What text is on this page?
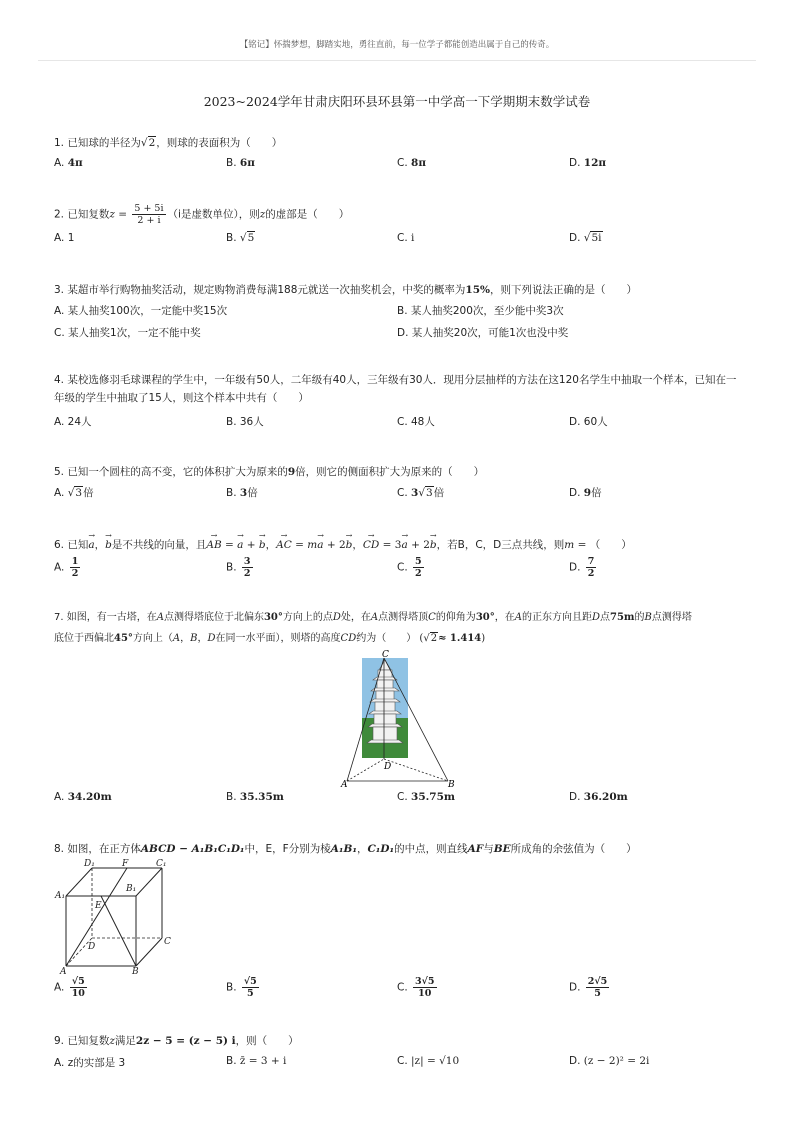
【铭记】怀揣梦想，脚踏实地，勇往直前，每一位学子都能创造出属于自己的传奇。
2023~2024学年甘肃庆阳环县环县第一中学高一下学期期末数学试卷
1. 已知球的半径为√2，则球的表面积为（　　）
A. 4π	B. 6π	C. 8π	D. 12π
2. 已知复数$z = \frac{5 + 5i}{2 + i} (i$是虚数单位），则z的虚部是（　　）
A. 1	B. √5	C. i	D. √5i
3. 某超市举行购物抽奖活动，规定购物消费每满188元就送一次抽奖机会，中奖的概率为15%，则下列说法正确的是（　　）
A. 某人抽奖100次，一定能中奖15次	B. 某人抽奖200次，至少能中奖3次
C. 某人抽奖1次，一定不能中奖	D. 某人抽奖20次，可能1次也没中奖
4. 某校选修羽毛球课程的学生中，一年级有50人，二年级有40人，三年级有30人．现用分层抽样的方法在这120名学生中抽取一个样本，已知在一年级的学生中抽取了15人，则这个样本中共有（　　）
A. 24人	B. 36人	C. 48人	D. 60人
5. 已知一个圆柱的高不变，它的体积扩大为原来的9倍，则它的侧面积扩大为原来的（　　）
A. √3倍	B. 3倍	C. 3√3倍	D. 9倍
6. 已知→ a，→ b是不共线的向量，且→ AB = → a + → b，→ AC = m→ a + 2→ b，→ CD = 3→ a + 2→ b，若B，C，D三点共线，则m = （　　）
A. $\frac{1}{2}$	B. $\frac{3}{2}$	C. $\frac{5}{2}$	D. $\frac{7}{2}$
7. 如图，有一古塔，在A点测得塔底位于北偏东30°方向上的点D处，在A点测得塔顶C的仰角为30°，在A的正东方向且距D点75m的B点测得塔
底位于西偏北45°方向上（A，B，D在同一水平面），则塔的高度CD约为（　　） (√2≈ 1.414)
C
D
A	B
A. 34.20m	B. 35.35m	C. 35.75m	D. 36.20m
8. 如图，在正方体ABCD − A₁B₁C₁D₁中，E，F分别为棱A₁B₁，C₁D₁的中点，则直线AF与BE所成角的余弦值为（　　）
D₁	F	C₁
A₁
B₁
E
D	C
A	B
A. $\frac{√5}{10}$	B. $\frac{√5}{5}$	C. $\frac{3√5}{10}$	D. $\frac{2√5}{5}$
9. 已知复数z满足2z − 5 = (z − 5) i，则（　　）
A. z的实部是 3	B. z̄ = 3 + i	C. |z| = √10	D. (z − 2)² = 2i
